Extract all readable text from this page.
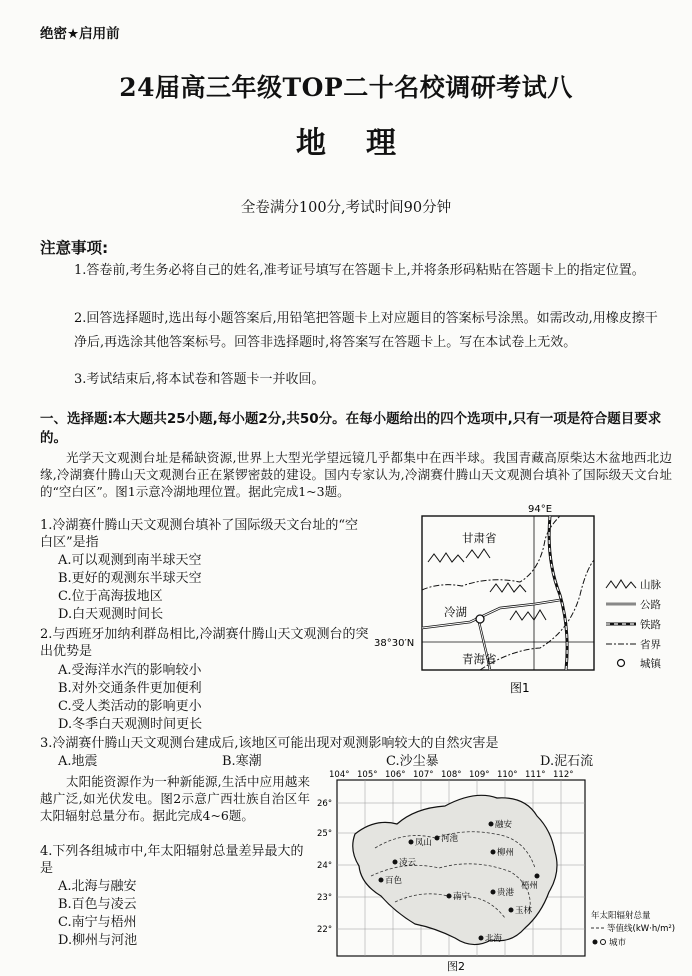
绝密★启用前
24届高三年级TOP二十名校调研考试八
地理
全卷满分100分,考试时间90分钟
注意事项:
1.答卷前,考生务必将自己的姓名,准考证号填写在答题卡上,并将条形码粘贴在答题卡上的指定位置。
2.回答选择题时,选出每小题答案后,用铅笔把答题卡上对应题目的答案标号涂黑。如需改动,用橡皮擦干净后,再选涂其他答案标号。回答非选择题时,将答案写在答题卡上。写在本试卷上无效。
3.考试结束后,将本试卷和答题卡一并收回。
一、选择题:本大题共25小题,每小题2分,共50分。在每小题给出的四个选项中,只有一项是符合题目要求的。
光学天文观测台址是稀缺资源,世界上大型光学望远镜几乎都集中在西半球。我国青藏高原柴达木盆地西北边缘,冷湖赛什腾山天文观测台正在紧锣密鼓的建设。国内专家认为,冷湖赛什腾山天文观测台填补了国际级天文台址的“空白区”。图1示意冷湖地理位置。据此完成1~3题。
1.冷湖赛什腾山天文观测台填补了国际级天文台址的“空白区”是指
A.可以观测到南半球天空
B.更好的观测东半球天空
C.位于高海拔地区
D.白天观测时间长
2.与西班牙加纳利群岛相比,冷湖赛什腾山天文观测台的突出优势是
A.受海洋水汽的影响较小
B.对外交通条件更加便利
C.受人类活动的影响更小
D.冬季白天观测时间更长
3.冷湖赛什腾山天文观测台建成后,该地区可能出现对观测影响较大的自然灾害是
A.地震	B.寒潮	C.沙尘暴	D.泥石流
太阳能资源作为一种新能源,生活中应用越来越广泛,如光伏发电。图2示意广西壮族自治区年太阳辐射总量分布。据此完成4~6题。
4.下列各组城市中,年太阳辐射总量差异最大的是
A.北海与融安
B.百色与凌云
C.南宁与梧州
D.柳州与河池
94°E
38°30′N
甘肃省
青海省
冷湖
山脉
公路
铁路
省界
城镇
图1
104° 105° 106° 107° 108° 109° 110° 111° 112°
26°
25°
24°
23°
22°
凤山 河池
柳州
融安
百色
凌云
南宁
梧州
北海
贵港
玉林	年太阳辐射总量
等值线(kW·h/m²)
城市
图2
